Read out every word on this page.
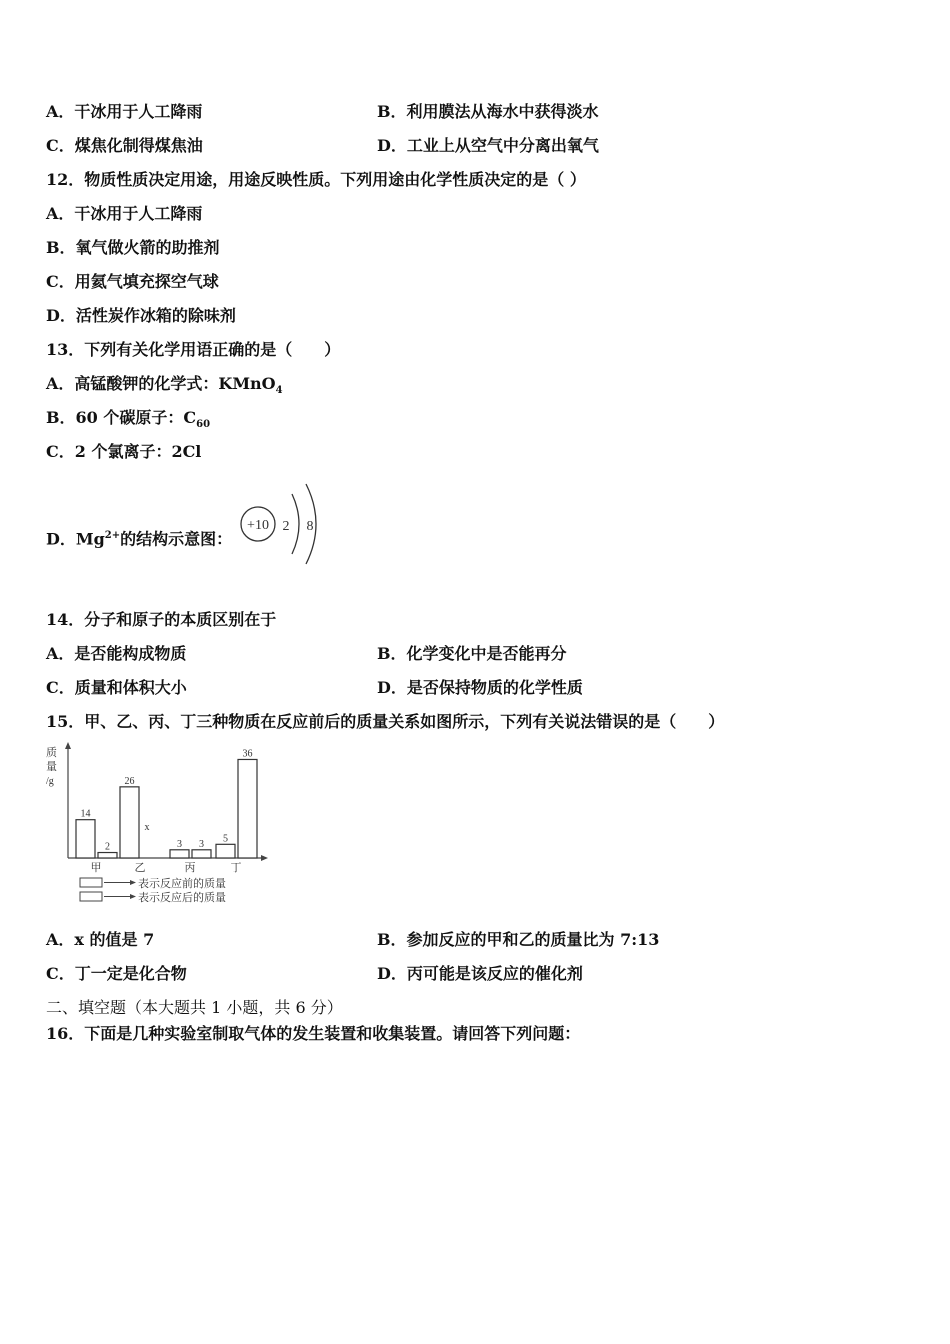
A．干冰用于人工降雨	B．利用膜法从海水中获得淡水
C．煤焦化制得煤焦油	D．工业上从空气中分离出氧气
12．物质性质决定用途，用途反映性质。下列用途由化学性质决定的是（ ）
A．干冰用于人工降雨
B．氧气做火箭的助推剂
C．用氦气填充探空气球
D．活性炭作冰箱的除味剂
13．下列有关化学用语正确的是（　　）
A．高锰酸钾的化学式：KMnO$_4$
B．60 个碳原子：$C_{60}$
C．2 个氯离子：2Cl
D．$Mg^{2+}$的结构示意图：
+10 2 8
14．分子和原子的本质区别在于
A．是否能构成物质	B．化学变化中是否能再分
C．质量和体积大小	D．是否保持物质的化学性质
15．甲、乙、丙、丁三种物质在反应前后的质量关系如图所示，下列有关说法错误的是（　　）
质
量
/g
14
2
26
x
3 3 5
36
甲	乙	丙	丁
表示反应前的质量
表示反应后的质量
A．x 的值是 7	B．参加反应的甲和乙的质量比为 7:13
C．丁一定是化合物	D．丙可能是该反应的催化剂
二、填空题（本大题共 1 小题，共 6 分）
16．下面是几种实验室制取气体的发生装置和收集装置。请回答下列问题：
